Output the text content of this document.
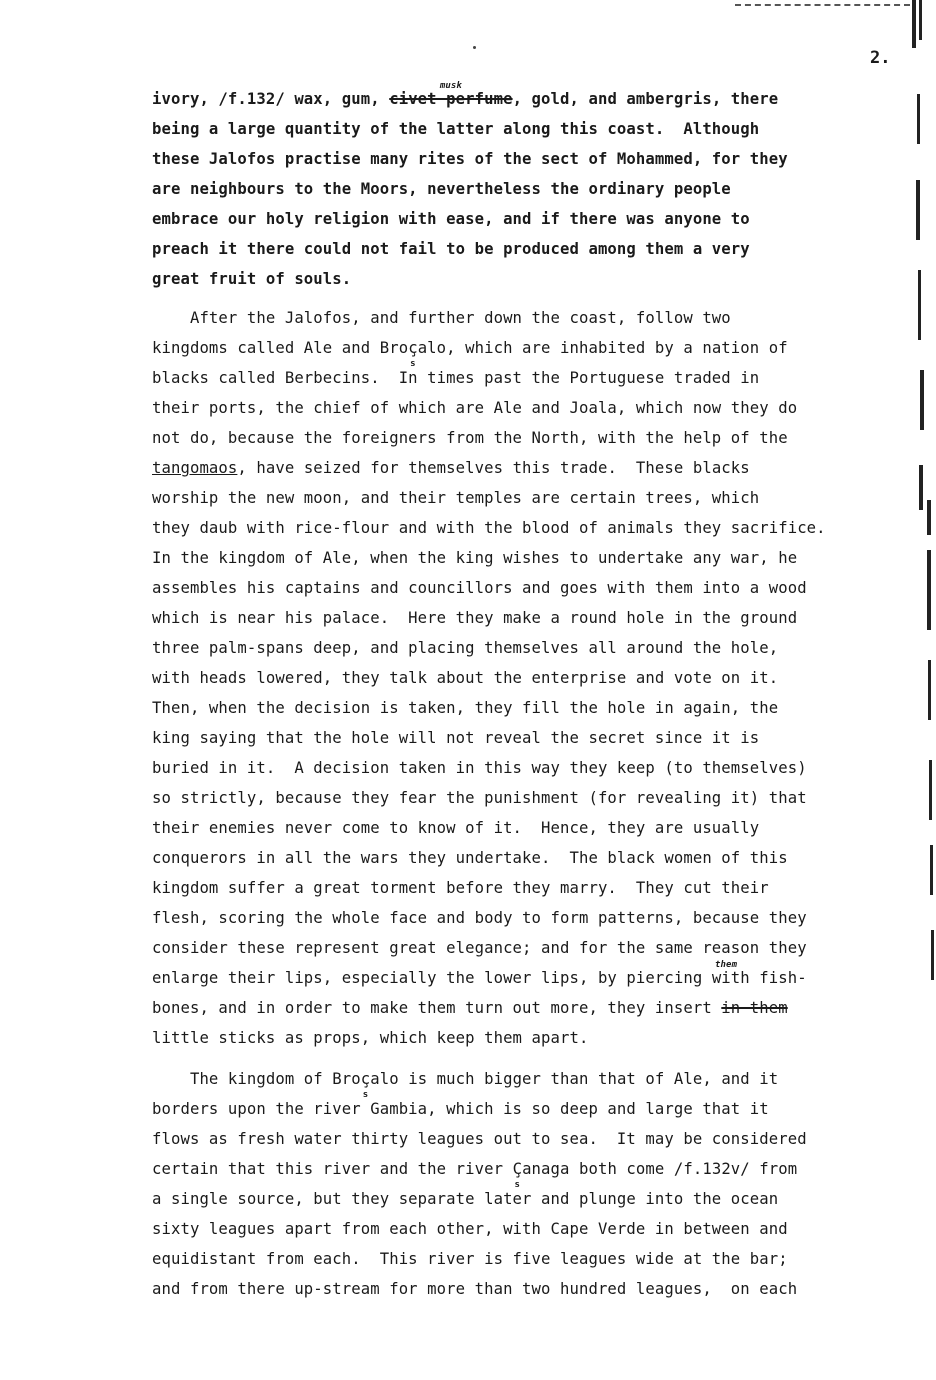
2.
ivory, /f.132/ wax, gum, civet perfume
musk
, gold, and ambergris, there
being a large quantity of the latter along this coast.  Although
these Jalofos practise many rites of the sect of Mohammed, for they
are neighbours to the Moors, nevertheless the ordinary people
embrace our holy religion with ease, and if there was anyone to
preach it there could not fail to be produced among them a very
great fruit of souls.
After the Jalofos, and further down the coast, follow two
kingdoms called Ale and Broç
s
alo, which are inhabited by a nation of
blacks called Berbecins.  In times past the Portuguese traded in
their ports, the chief of which are Ale and Joala, which now they do
not do, because the foreigners from the North, with the help of the
tangomaos, have seized for themselves this trade.  These blacks
worship the new moon, and their temples are certain trees, which
they daub with rice-flour and with the blood of animals they sacrifice.
In the kingdom of Ale, when the king wishes to undertake any war, he
assembles his captains and councillors and goes with them into a wood
which is near his palace.  Here they make a round hole in the ground
three palm-spans deep, and placing themselves all around the hole,
with heads lowered, they talk about the enterprise and vote on it.
Then, when the decision is taken, they fill the hole in again, the
king saying that the hole will not reveal the secret since it is
buried in it.  A decision taken in this way they keep (to themselves)
so strictly, because they fear the punishment (for revealing it) that
their enemies never come to know of it.  Hence, they are usually
conquerors in all the wars they undertake.  The black women of this
kingdom suffer a great torment before they marry.  They cut their
flesh, scoring the whole face and body to form patterns, because they
consider these represent great elegance; and for the same reason they
enlarge their lips, especially the lower lips, by piercing with
them
fish-
bones, and in order to make them turn out more, they insert in them
little sticks as props, which keep them apart.
The kingdom of Broç
s
alo is much bigger than that of Ale, and it
borders upon the river Gambia, which is so deep and large that it
flows as fresh water thirty leagues out to sea.  It may be considered
certain that this river and the river Ç
s
anaga both come /f.132v/ from
a single source, but they separate later and plunge into the ocean
sixty leagues apart from each other, with Cape Verde in between and
equidistant from each.  This river is five leagues wide at the bar;
and from there up-stream for more than two hundred leagues,  on each
